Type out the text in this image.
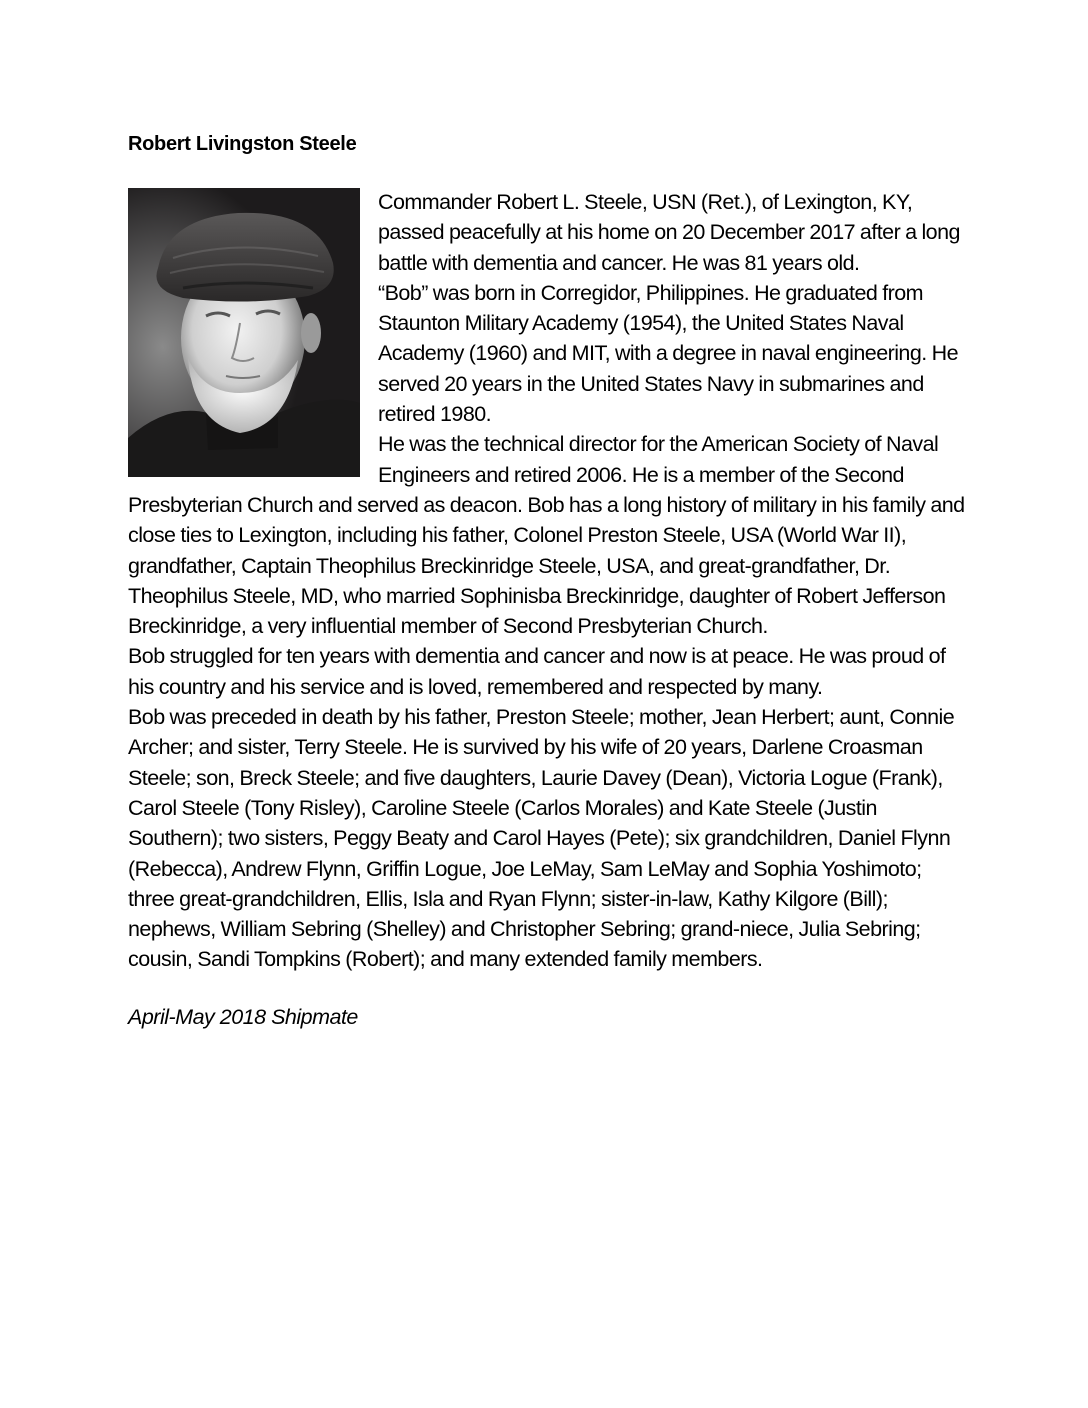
Robert Livingston Steele

Commander Robert L. Steele, USN (Ret.), of Lexington, KY, passed peacefully at his home on 20 December 2017 after a long battle with dementia and cancer. He was 81 years old.

“Bob” was born in Corregidor, Philippines. He graduated from Staunton Military Academy (1954), the United States Naval Academy (1960) and MIT, with a degree in naval engineering. He served 20 years in the United States Navy in submarines and retired 1980.

He was the technical director for the American Society of Naval Engineers and retired 2006. He is a member of the Second Presbyterian Church and served as deacon. Bob has a long history of military in his family and close ties to Lexington, including his father, Colonel Preston Steele, USA (World War II), grandfather, Captain Theophilus Breckinridge Steele, USA, and great-grandfather, Dr. Theophilus Steele, MD, who married Sophinisba Breckinridge, daughter of Robert Jefferson Breckinridge, a very influential member of Second Presbyterian Church.

Bob struggled for ten years with dementia and cancer and now is at peace. He was proud of his country and his service and is loved, remembered and respected by many.

Bob was preceded in death by his father, Preston Steele; mother, Jean Herbert; aunt, Connie Archer; and sister, Terry Steele. He is survived by his wife of 20 years, Darlene Croasman Steele; son, Breck Steele; and five daughters, Laurie Davey (Dean), Victoria Logue (Frank), Carol Steele (Tony Risley), Caroline Steele (Carlos Morales) and Kate Steele (Justin Southern); two sisters, Peggy Beaty and Carol Hayes (Pete); six grandchildren, Daniel Flynn (Rebecca), Andrew Flynn, Griffin Logue, Joe LeMay, Sam LeMay and Sophia Yoshimoto; three great-grandchildren, Ellis, Isla and Ryan Flynn; sister-in-law, Kathy Kilgore (Bill); nephews, William Sebring (Shelley) and Christopher Sebring; grand-niece, Julia Sebring; cousin, Sandi Tompkins (Robert); and many extended family members.

April-May 2018 Shipmate
